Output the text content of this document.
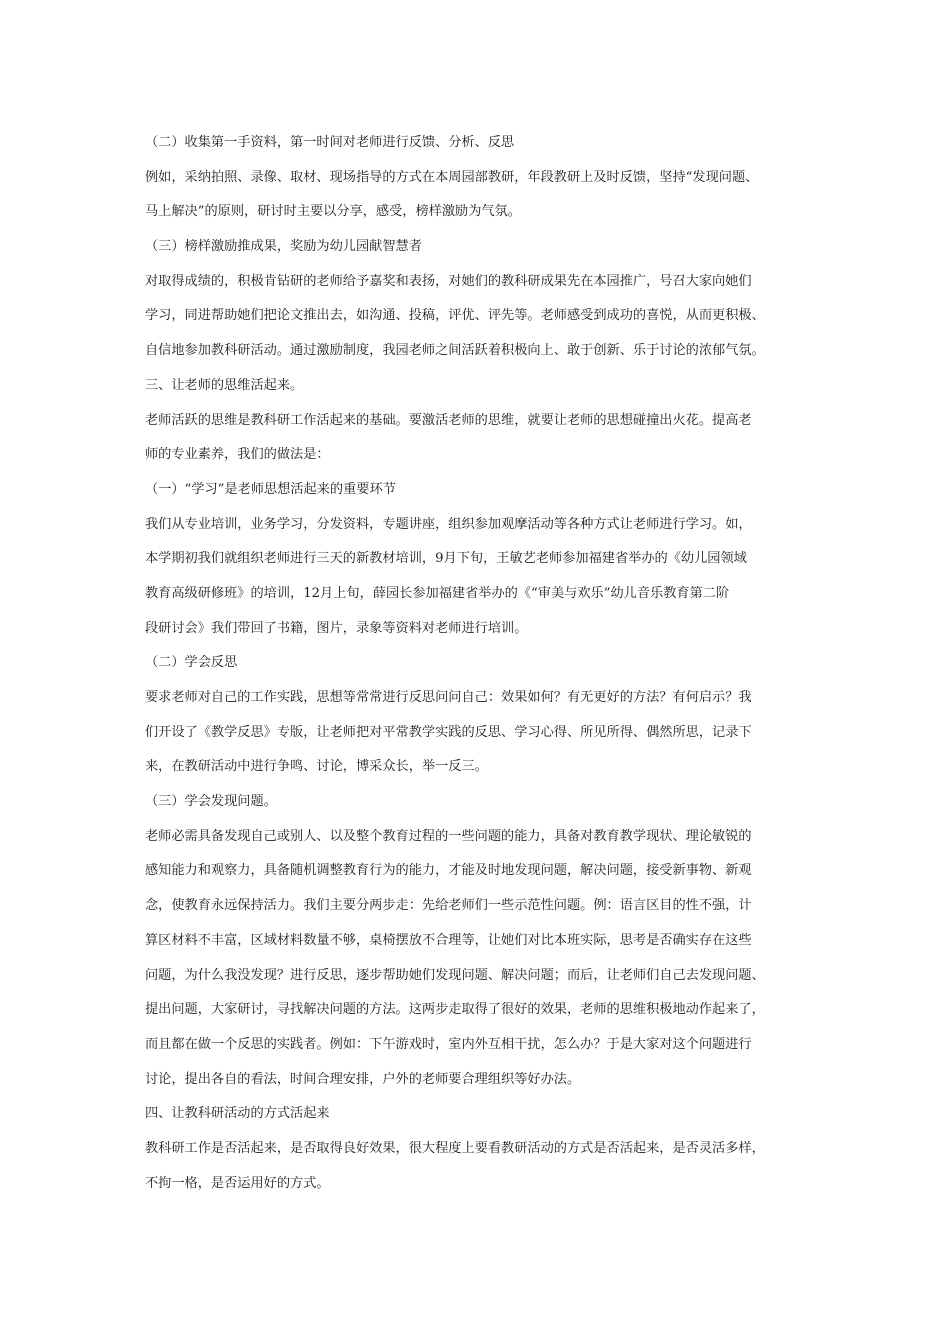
（二）收集第一手资料，第一时间对老师进行反馈、分析、反思
例如，采纳拍照、录像、取材、现场指导的方式在本周园部教研，年段教研上及时反馈，坚持“发现问题、
马上解决”的原则，研讨时主要以分享，感受，榜样激励为气氛。
（三）榜样激励推成果，奖励为幼儿园献智慧者
对取得成绩的，积极肯钻研的老师给予嘉奖和表扬，对她们的教科研成果先在本园推广，号召大家向她们
学习，同进帮助她们把论文推出去，如沟通、投稿，评优、评先等。老师感受到成功的喜悦，从而更积极、
自信地参加教科研活动。通过激励制度，我园老师之间活跃着积极向上、敢于创新、乐于讨论的浓郁气氛。
三、让老师的思维活起来。
老师活跃的思维是教科研工作活起来的基础。要激活老师的思维，就要让老师的思想碰撞出火花。提高老
师的专业素养，我们的做法是：
（一）“学习”是老师思想活起来的重要环节
我们从专业培训，业务学习，分发资料，专题讲座，组织参加观摩活动等各种方式让老师进行学习。如，
本学期初我们就组织老师进行三天的新教材培训，9月下旬，王敏艺老师参加福建省举办的《幼儿园领域
教育高级研修班》的培训，12月上旬，薛园长参加福建省举办的《“审美与欢乐”幼儿音乐教育第二阶
段研讨会》我们带回了书籍，图片，录象等资料对老师进行培训。
（二）学会反思
要求老师对自己的工作实践，思想等常常进行反思问问自己：效果如何？有无更好的方法？有何启示？我
们开设了《教学反思》专版，让老师把对平常教学实践的反思、学习心得、所见所得、偶然所思，记录下
来，在教研活动中进行争鸣、讨论，博采众长，举一反三。
（三）学会发现问题。
老师必需具备发现自己或别人、以及整个教育过程的一些问题的能力，具备对教育教学现状、理论敏锐的
感知能力和观察力，具备随机调整教育行为的能力，才能及时地发现问题，解决问题，接受新事物、新观
念，使教育永远保持活力。我们主要分两步走：先给老师们一些示范性问题。例：语言区目的性不强，计
算区材料不丰富，区域材料数量不够，桌椅摆放不合理等，让她们对比本班实际，思考是否确实存在这些
问题，为什么我没发现？进行反思，逐步帮助她们发现问题、解决问题；而后，让老师们自己去发现问题、
提出问题，大家研讨，寻找解决问题的方法。这两步走取得了很好的效果，老师的思维积极地动作起来了，
而且都在做一个反思的实践者。例如：下午游戏时，室内外互相干扰，怎么办？于是大家对这个问题进行
讨论，提出各自的看法，时间合理安排，户外的老师要合理组织等好办法。
四、让教科研活动的方式活起来
教科研工作是否活起来，是否取得良好效果，很大程度上要看教研活动的方式是否活起来，是否灵活多样，
不拘一格，是否运用好的方式。
